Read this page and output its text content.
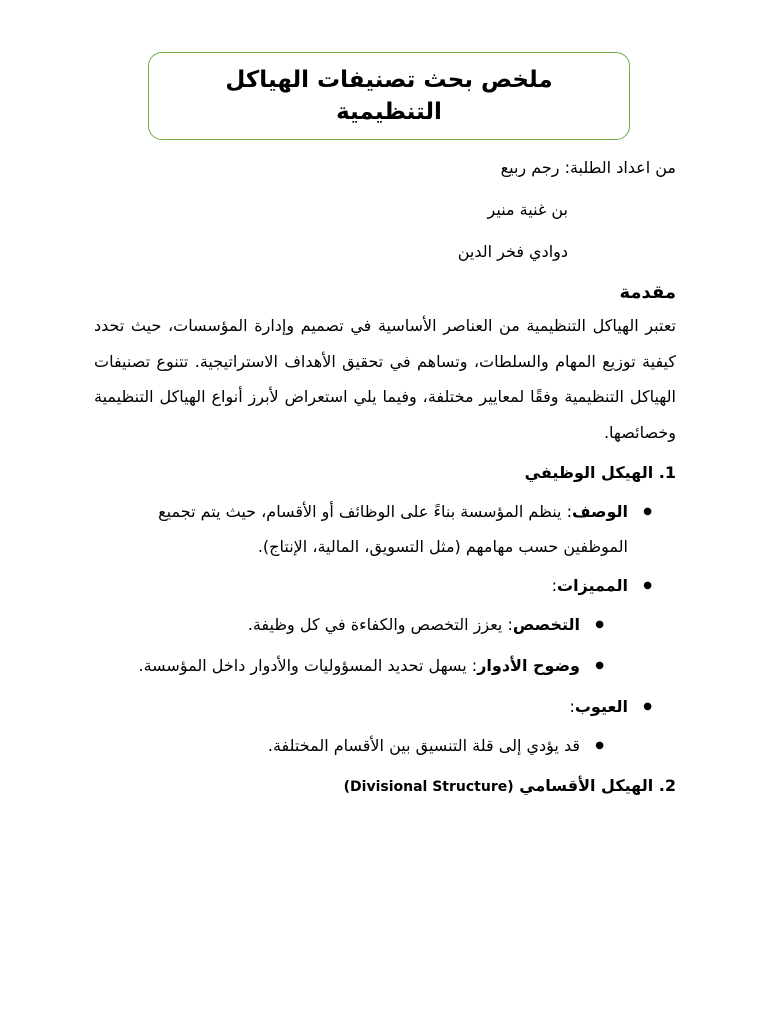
ملخص بحث تصنيفات الهياكل التنظيمية
من اعداد الطلبة: رجم ربيع
بن غنية منير
دوادي فخر الدين
مقدمة

تعتبر الهياكل التنظيمية من العناصر الأساسية في تصميم وإدارة المؤسسات، حيث تحدد كيفية توزيع المهام والسلطات، وتساهم في تحقيق الأهداف الاستراتيجية. تتنوع تصنيفات الهياكل التنظيمية وفقًا لمعايير مختلفة، وفيما يلي استعراض لأبرز أنواع الهياكل التنظيمية وخصائصها.

1. الهيكل الوظيفي
●
الوصف: ينظم المؤسسة بناءً على الوظائف أو الأقسام، حيث يتم تجميع الموظفين حسب مهامهم (مثل التسويق، المالية، الإنتاج).
●
المميزات:
●
التخصص: يعزز التخصص والكفاءة في كل وظيفة.
●
وضوح الأدوار: يسهل تحديد المسؤوليات والأدوار داخل المؤسسة.
●
العيوب:
●
قد يؤدي إلى قلة التنسيق بين الأقسام المختلفة.
2. الهيكل الأقسامي (Divisional Structure)
